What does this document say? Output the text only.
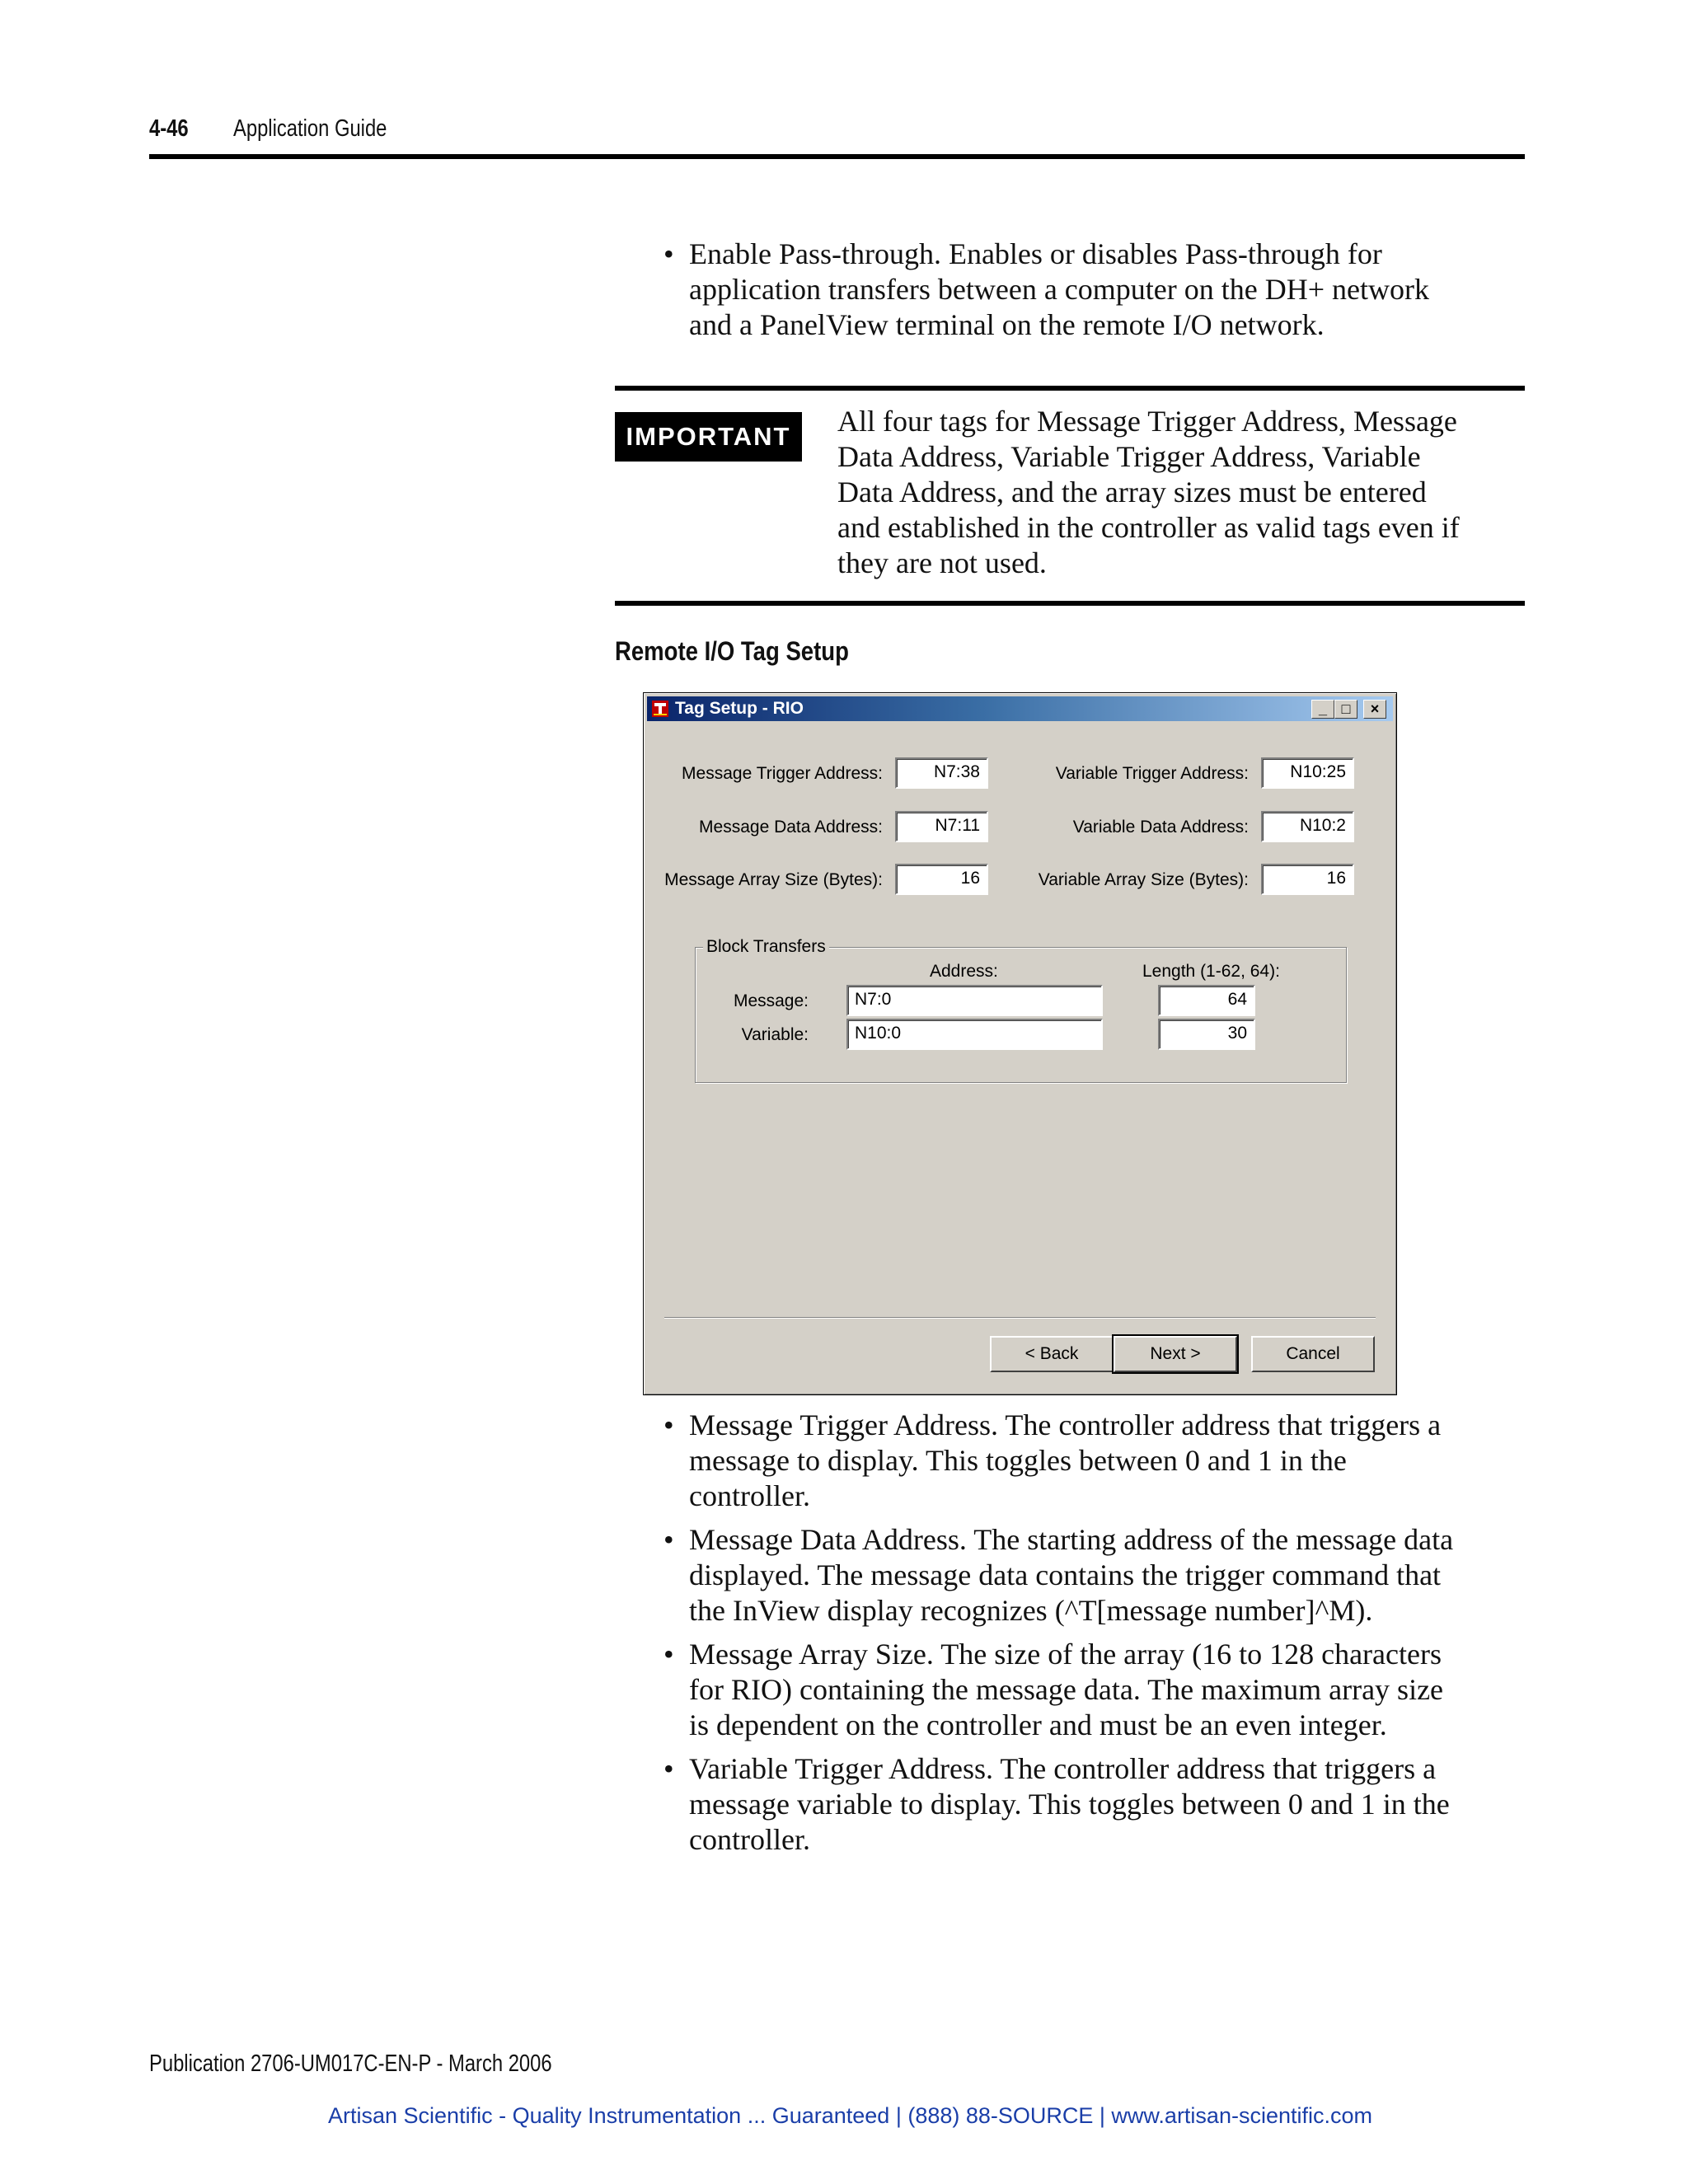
4-46 Application Guide
• Enable Pass-through. Enables or disables Pass-through for
application transfers between a computer on the DH+ network
and a PanelView terminal on the remote I/O network.
IMPORTANT	All four tags for Message Trigger Address, Message
Data Address, Variable Trigger Address, Variable
Data Address, and the array sizes must be entered
and established in the controller as valid tags even if
they are not used.
Remote I/O Tag Setup
Tag Setup - RIO	_ □	×
Message Trigger Address:	N7:38
Message Data Address:	N7:11
Message Array Size (Bytes):	16
Variable Trigger Address:	N10:25
Variable Data Address:	N10:2
Variable Array Size (Bytes):	16
Block Transfers
Address:	Length (1-62, 64):
Message:	N7:0	64
Variable:	N10:0	30
< Back	Next >	Cancel
• Message Trigger Address. The controller address that triggers a
message to display. This toggles between 0 and 1 in the
controller.
• Message Data Address. The starting address of the message data
displayed. The message data contains the trigger command that
the InView display recognizes (^T[message number]^M).
• Message Array Size. The size of the array (16 to 128 characters
for RIO) containing the message data. The maximum array size
is dependent on the controller and must be an even integer.
• Variable Trigger Address. The controller address that triggers a
message variable to display. This toggles between 0 and 1 in the
controller.
Publication 2706-UM017C-EN-P - March 2006
Artisan Scientific - Quality Instrumentation ... Guaranteed | (888) 88-SOURCE | www.artisan-scientific.com
